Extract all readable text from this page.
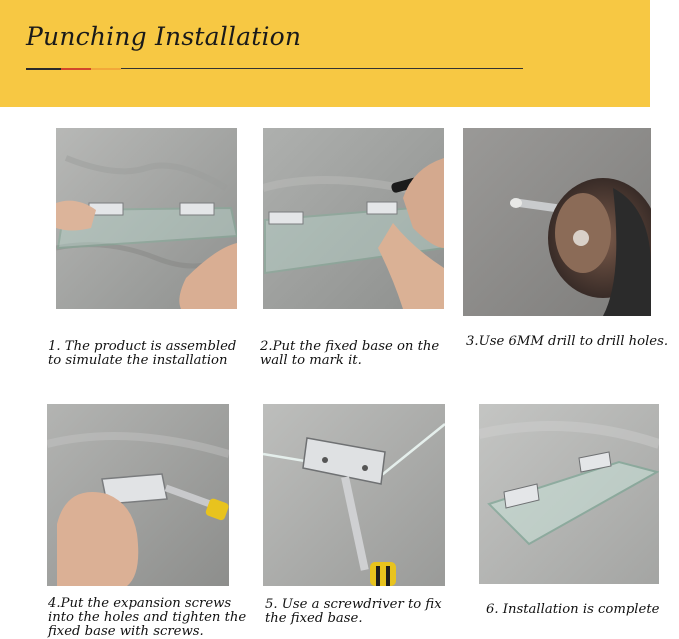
Punching Installation
1. The product is assembled
to simulate the installation
2.Put the fixed base on the
wall to mark it.
3.Use 6MM drill to drill holes.
4.Put the expansion screws
into the holes and tighten the
fixed base with screws.
5. Use a screwdriver to fix
the fixed base.
6. Installation is complete
